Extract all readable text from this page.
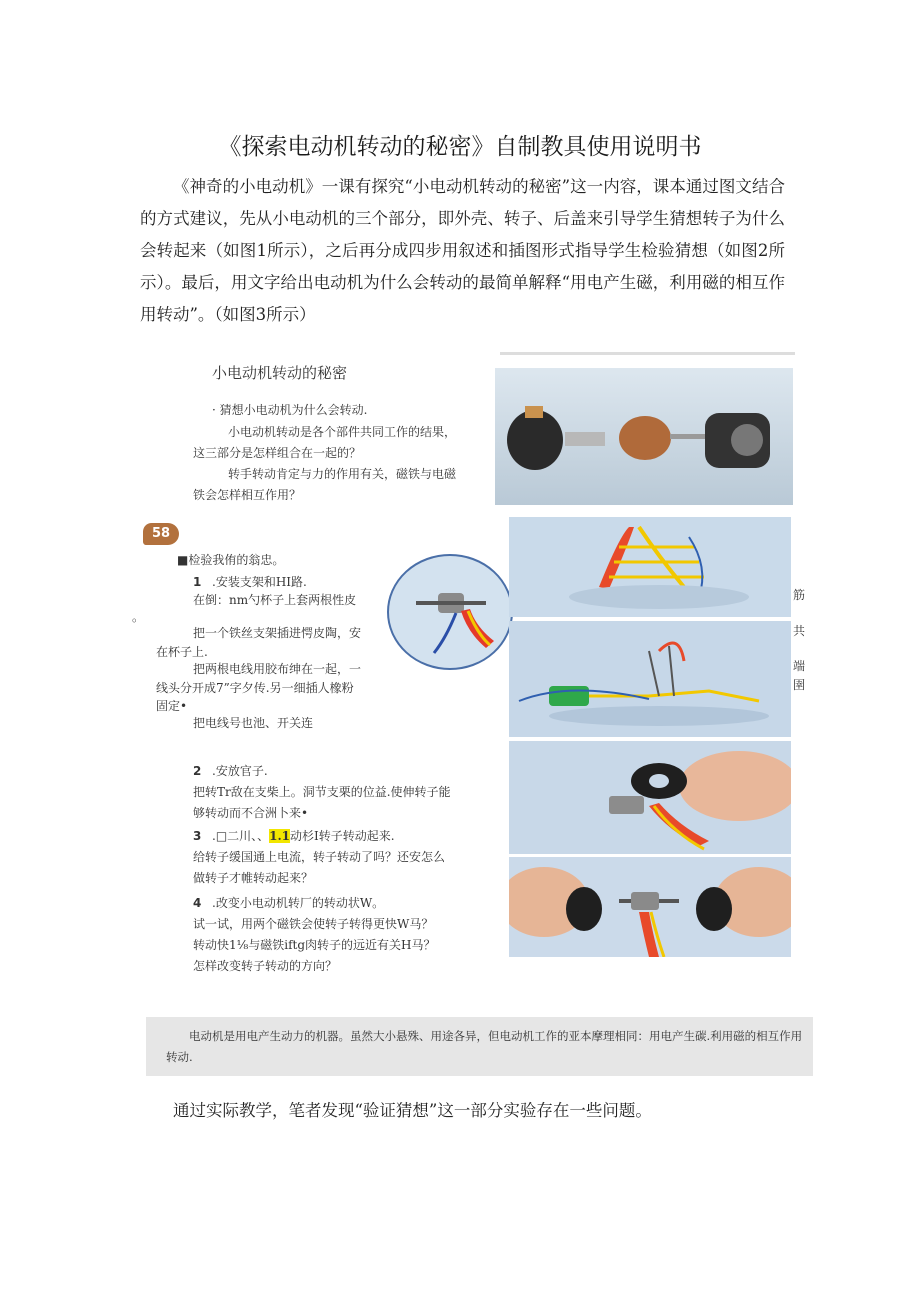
《探索电动机转动的秘密》自制教具使用说明书
《神奇的小电动机》一课有探究“小电动机转动的秘密”这一内容，课本通过图文结合的方式建议，先从小电动机的三个部分，即外壳、转子、后盖来引导学生猜想转子为什么会转起来（如图1所示），之后再分成四步用叙述和插图形式指导学生检验猜想（如图2所示）。最后，用文字给出电动机为什么会转动的最简单解释“用电产生磁，利用磁的相互作用转动”。（如图3所示）
小电动机转动的秘密
· 猜想小电动机为什么会转动.
小电动机转动是各个部件共同工作的结果，
这三部分是怎样组合在一起的？
转手转动肯定与力的作用有关，磁铁与电磁
铁会怎样相互作用？
58
■检验我侑的翁忠。
1 .安装支架和HI路.
在倒：nm勺杯子上套两根性皮
。
把一个铁丝支架插进愕皮陶，安
在杯子上.
把两根电线用胶布绅在一起，一
线头分开成7”字夕传.另一细插人橡粉
固定•
把电线号也池、开关连
筋
共
端
圉
2 .安放官子.
把转Tr敌在支柴上。洞节支栗的位益.使伸转子能
够转动而不合洲卜来•
3 .□二川、、1.1动杉I转子转动起来.
给转子缓国通上电流，转子转动了吗？还安怎么
做转子才帷转动起来？
4 .改变小电动机转厂的转动状W。
试一试，用两个磁铁会使转子转得更快W马？
转动快1⅛与磁铁iftg肉转子的远近有关H马？
怎样改变转子转动的方向？
电动机是用电产生动力的机器。虽然大小悬殊、用途各异，但电动机工作的亚本摩理相同：用电产生碳.利用磁的相互作用转动.
通过实际教学，笔者发现“验证猜想”这一部分实验存在一些问题。
